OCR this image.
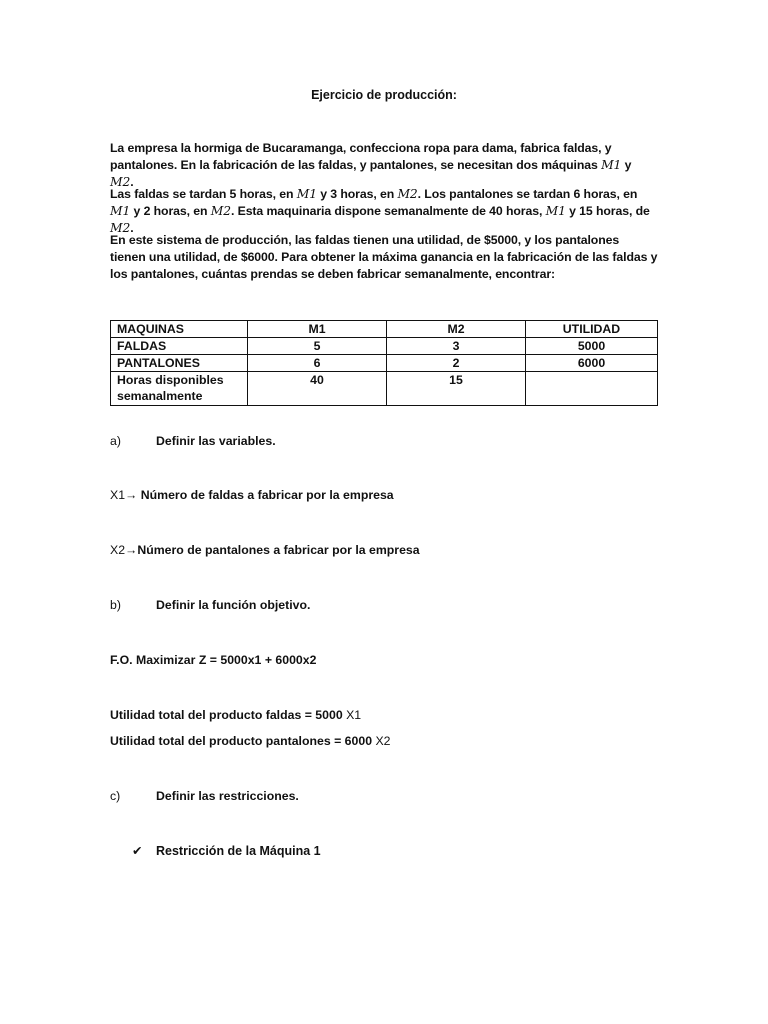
Ejercicio de producción:
La empresa la hormiga de Bucaramanga, confecciona ropa para dama, fabrica faldas, y pantalones. En la fabricación de las faldas, y pantalones, se necesitan dos máquinas M1 y M2.
Las faldas se tardan 5 horas, en M1 y 3 horas, en M2. Los pantalones se tardan 6 horas, en M1 y 2 horas, en M2. Esta maquinaria dispone semanalmente de 40 horas, M1 y 15 horas, de M2.
En este sistema de producción, las faldas tienen una utilidad, de $5000, y los pantalones tienen una utilidad, de $6000. Para obtener la máxima ganancia en la fabricación de las faldas y los pantalones, cuántas prendas se deben fabricar semanalmente, encontrar:
MAQUINAS	M1	M2	UTILIDAD
FALDAS	5	3	5000
PANTALONES	6	2	6000
Horas disponibles semanalmente	40	15	
a)	Definir las variables.
X1→ Número de faldas a fabricar por la empresa
X2→Número de pantalones a fabricar por la empresa
b)	Definir la función objetivo.
F.O. Maximizar Z = 5000x1 + 6000x2
Utilidad total del producto faldas = 5000 X1
Utilidad total del producto pantalones = 6000 X2
c)	Definir las restricciones.
✔ Restricción de la Máquina 1
